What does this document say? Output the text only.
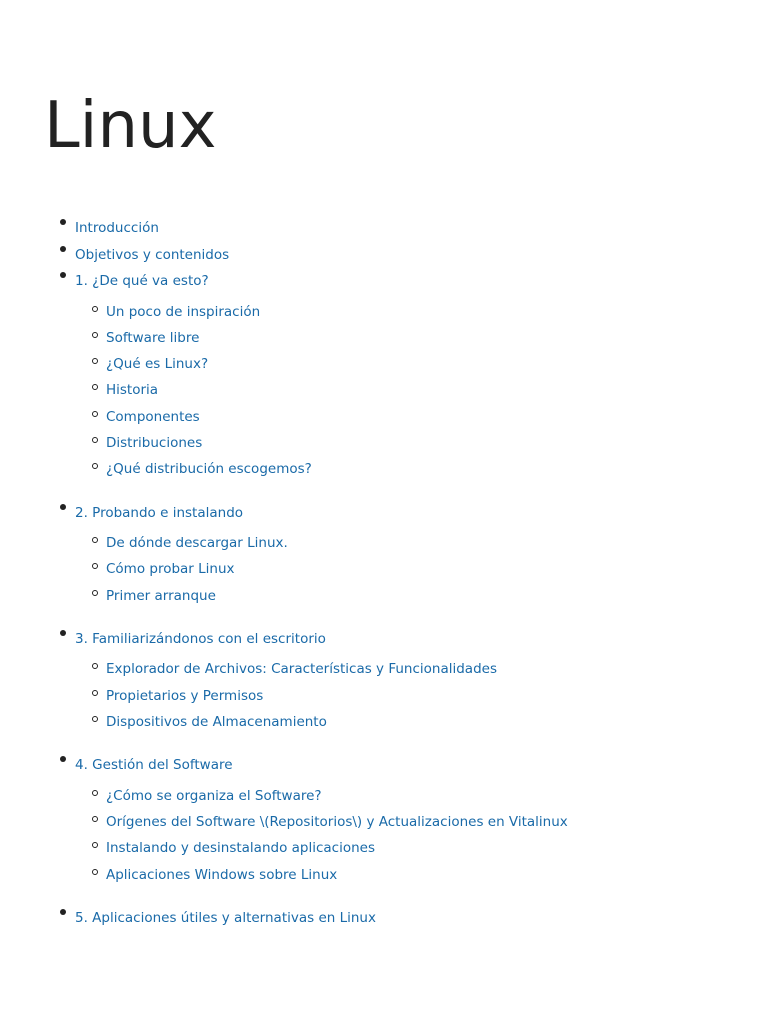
Linux
Introducción
Objetivos y contenidos
1. ¿De qué va esto?
Un poco de inspiración
Software libre
¿Qué es Linux?
Historia
Componentes
Distribuciones
¿Qué distribución escogemos?
2. Probando e instalando
De dónde descargar Linux.
Cómo probar Linux
Primer arranque
3. Familiarizándonos con el escritorio
Explorador de Archivos: Características y Funcionalidades
Propietarios y Permisos
Dispositivos de Almacenamiento
4. Gestión del Software
¿Cómo se organiza el Software?
Orígenes del Software \(Repositorios\) y Actualizaciones en Vitalinux
Instalando y desinstalando aplicaciones
Aplicaciones Windows sobre Linux
5. Aplicaciones útiles y alternativas en Linux
